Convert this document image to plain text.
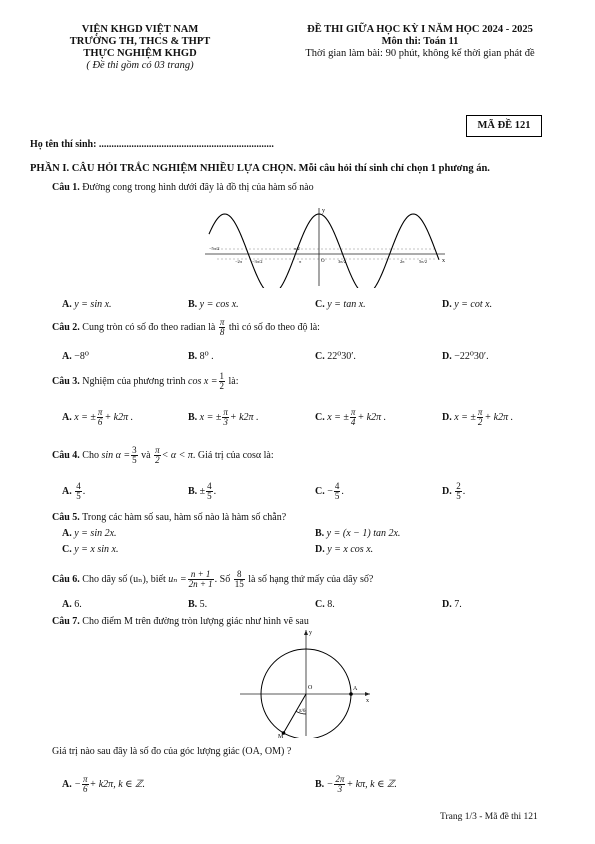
VIỆN KHGD VIỆT NAM
TRƯỜNG TH, THCS & THPT
THỰC NGHIỆM KHGD
( Đề thi gồm có 03 trang)
ĐỀ THI GIỮA HỌC KỲ I NĂM HỌC 2024 - 2025
Môn thi: Toán 11
Thời gian làm bài: 90 phút, không kể thời gian phát đề
MÃ ĐỀ 121
Họ tên thí sinh: ......................................................................
PHẦN I. CÂU HỎI TRẮC NGHIỆM NHIỀU LỰA CHỌN. Mỗi câu hỏi thí sinh chỉ chọn 1 phương án.
Câu 1. Đường cong trong hình dưới đây là đồ thị của hàm số nào
y
O	x
−5π/2
−2π −3π/2
π/2
π	3π/2	2π	5π/2
A. y = sin x.	B. y = cos x.	C. y = tan x.	D. y = cot x.
Câu 2. Cung tròn có số đo theo radian là $\frac{\pi}{8}$ thì có số đo theo độ là:
A. −8⁰	B. 8⁰ .	C. 22⁰30′.	D. −22⁰30′.
Câu 3. Nghiệm của phương trình $\cos x = \frac{1}{2}$ là:
A. x = ± $\frac{\pi}{6} + k2\pi$ .	B. x = ± $\frac{\pi}{3} + k2\pi$ .	C. x = ± $\frac{\pi}{4} + k2\pi$ .	D. x = ± $\frac{\pi}{2} + k2\pi$ .
Câu 4. Cho $\sin \alpha = \frac{3}{5}$ và $\frac{\pi}{2} < \alpha < \pi$. Giá trị của cosα là:
A. $\frac{4}{5}$ .	B. ± $\frac{4}{5}$ .	C. − $\frac{4}{5}$ .	D. $\frac{2}{5}$ .
Câu 5. Trong các hàm số sau, hàm số nào là hàm số chẵn?
A. y = sin 2x.	B. y = (x − 1) tan 2x.
C. y = x sin x.	D. y = x cos x.
Câu 6. Cho dãy số (uₙ), biết $u_n = \frac{n + 1}{2n + 1}$ . Số $\frac{8}{15}$ là số hạng thứ mấy của dãy số?
A. 6.	B. 5.	C. 8.	D. 7.
Câu 7. Cho điểm M trên đường tròn lượng giác như hình vẽ sau
y
x
O	A
M
π/6
Giá trị nào sau đây là số đo của góc lượng giác (OA, OM) ?
A. − $\frac{\pi}{6} + k2\pi$, k ∈ ℤ.	B. − $\frac{2\pi}{3} + k\pi$, k ∈ ℤ.
Trang 1/3 - Mã đề thi 121
